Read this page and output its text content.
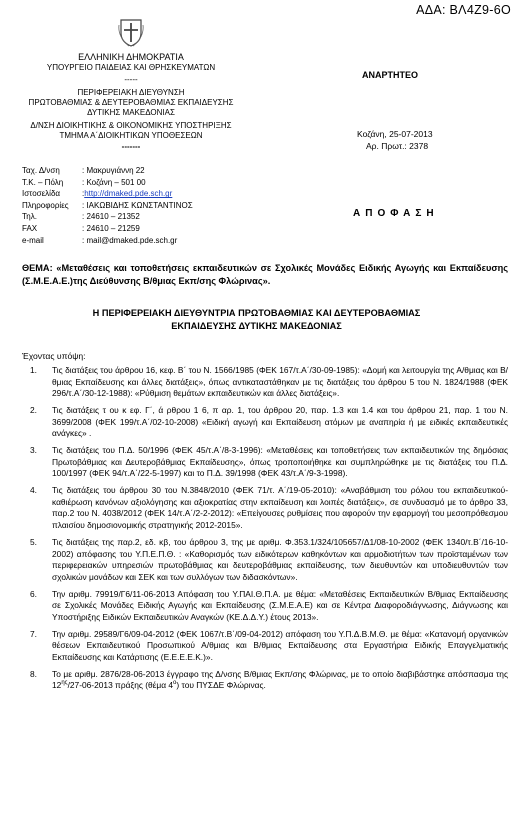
ΑΔΑ: ΒΛ4Ζ9-6Ο
ΕΛΛΗΝΙΚΗ ΔΗΜΟΚΡΑΤΙΑ
ΥΠΟΥΡΓΕΙΟ ΠΑΙΔΕΙΑΣ ΚΑΙ ΘΡΗΣΚΕΥΜΑΤΩΝ
-----
ΠΕΡΙΦΕΡΕΙΑΚΗ ΔΙΕΥΘΥΝΣΗ
ΠΡΩΤΟΒΑΘΜΙΑΣ & ΔΕΥΤΕΡΟΒΑΘΜΙΑΣ ΕΚΠΑΙΔΕΥΣΗΣ
ΔΥΤΙΚΗΣ ΜΑΚΕΔΟΝΙΑΣ
Δ/ΝΣΗ ΔΙΟΙΚΗΤΙΚΗΣ & ΟΙΚΟΝΟΜΙΚΗΣ ΥΠΟΣΤΗΡΙΞΗΣ
ΤΜΗΜΑ Α΄ΔΙΟΙΚΗΤΙΚΩΝ ΥΠΟΘΕΣΕΩΝ
-------
ΑΝΑΡΤΗΤΕΟ
Κοζάνη, 25-07-2013
Αρ. Πρωτ.: 2378
Ταχ. Δ/νση	: Μακρυγιάννη 22
Τ.Κ. – Πόλη	: Κοζάνη – 501 00
Ιστοσελίδα	: http://dmaked.pde.sch.gr
Πληροφορίες	: ΙΑΚΩΒΙΔΗΣ ΚΩΝΣΤΑΝΤΙΝΟΣ
Τηλ.	: 24610 – 21352
FAX	: 24610 – 21259
e-mail	: mail@dmaked.pde.sch.gr
ΑΠΟΦΑΣΗ
ΘΕΜΑ: «Μεταθέσεις και τοποθετήσεις εκπαιδευτικών σε Σχολικές Μονάδες Ειδικής Αγωγής και Εκπαίδευσης (Σ.Μ.Ε.Α.Ε.)της Διεύθυνσης Β/θμιας Εκπ/σης Φλώρινας».
Η ΠΕΡΙΦΕΡΕΙΑΚΗ ΔΙΕΥΘΥΝΤΡΙΑ ΠΡΩΤΟΒΑΘΜΙΑΣ ΚΑΙ ΔΕΥΤΕΡΟΒΑΘΜΙΑΣ
ΕΚΠΑΙΔΕΥΣΗΣ ΔΥΤΙΚΗΣ ΜΑΚΕΔΟΝΙΑΣ
Έχοντας υπόψη:
1.	Τις διατάξεις του άρθρου 16, κεφ. Β΄ του Ν. 1566/1985 (ΦΕΚ 167/τ.Α΄/30-09-1985): «Δομή και λειτουργία της Α/θμιας και Β/θμιας Εκπαίδευσης και άλλες διατάξεις», όπως αντικαταστάθηκαν με τις διατάξεις του άρθρου 5 του Ν. 1824/1988 (ΦΕΚ 296/τ.Α΄/30-12-1988): «Ρύθμιση θεμάτων εκπαιδευτικών και άλλες διατάξεις».
2.	Τις διατάξεις τ ου κ εφ. Γ΄, ά ρθρου 1 6, π αρ. 1, του άρθρου 20, παρ. 1.3 και 1.4 και του άρθρου 21, παρ. 1 του Ν. 3699/2008 (ΦΕΚ 199/τ.Α΄/02-10-2008) «Ειδική αγωγή και Εκπαίδευση ατόμων με αναπηρία ή με ειδικές εκπαιδευτικές ανάγκες» .
3.	Τις διατάξεις του Π.Δ. 50/1996 (ΦΕΚ 45/τ.Α΄/8-3-1996): «Μεταθέσεις και τοποθετήσεις των εκπαιδευτικών της δημόσιας Πρωτοβάθμιας και Δευτεροβάθμιας Εκπαίδευσης», όπως τροποποιήθηκε και συμπληρώθηκε με τις διατάξεις του Π.Δ. 100/1997 (ΦΕΚ 94/τ.Α΄/22-5-1997) και το Π.Δ. 39/1998 (ΦΕΚ 43/τ.Α΄/9-3-1998).
4.	Τις διατάξεις του άρθρου 30 του Ν.3848/2010 (ΦΕΚ 71/τ. Α΄/19-05-2010): «Αναβάθμιση του ρόλου του εκπαιδευτικού-καθιέρωση κανόνων αξιολόγησης και αξιοκρατίας στην εκπαίδευση και λοιπές διατάξεις», σε συνδυασμό με το άρθρο 33, παρ.2 του Ν. 4038/2012 (ΦΕΚ 14/τ.Α΄/2-2-2012): «Επείγουσες ρυθμίσεις που αφορούν την εφαρμογή του μεσοπρόθεσμου πλαισίου δημοσιονομικής στρατηγικής 2012-2015».
5.	Τις διατάξεις της παρ.2, εδ. κβ, του άρθρου 3, της με αριθμ. Φ.353.1/324/105657/Δ1/08-10-2002 (ΦΕΚ 1340/τ.Β΄/16-10-2002) απόφασης του Υ.Π.Ε.Π.Θ. : «Καθορισμός των ειδικότερων καθηκόντων και αρμοδιοτήτων των προϊσταμένων των περιφερειακών υπηρεσιών πρωτοβάθμιας και δευτεροβάθμιας εκπαίδευσης, των διευθυντών και υποδιευθυντών των σχολικών μονάδων και ΣΕΚ και των συλλόγων των διδασκόντων».
6.	Την αριθμ. 79919/Γ6/11-06-2013 Απόφαση του Υ.ΠΑΙ.Θ.Π.Α. με θέμα: «Μεταθέσεις Εκπαιδευτικών Β/θμιας Εκπαίδευσης σε Σχολικές Μονάδες Ειδικής Αγωγής και Εκπαίδευσης (Σ.Μ.Ε.Α.Ε) και σε Κέντρα Διαφοροδιάγνωσης, Διάγνωσης και Υποστήριξης Ειδικών Εκπαιδευτικών Αναγκών (ΚΕ.Δ.Δ.Υ.) έτους 2013».
7.	Την αριθμ. 29589/Γ6/09-04-2012 (ΦΕΚ 1067/τ.Β΄/09-04-2012) απόφαση του Υ.Π.Δ.Β.Μ.Θ. με θέμα: «Κατανομή οργανικών θέσεων Εκπαιδευτικού Προσωπικού Α/θμιας και Β/θμιας Εκπαίδευσης στα Εργαστήρια Ειδικής Επαγγελματικής Εκπαίδευσης και Κατάρτισης (Ε.Ε.Ε.Ε.Κ.)».
8.	Το με αριθμ. 2876/28-06-2013 έγγραφο της Δ/νσης Β/θμιας Εκπ/σης Φλώρινας, με το οποίο διαβιβάστηκε απόσπασμα της $12^{\eta\varsigma}/27-06-2013$ πράξης (θέμα $4^o$) του ΠΥΣΔΕ Φλώρινας.
